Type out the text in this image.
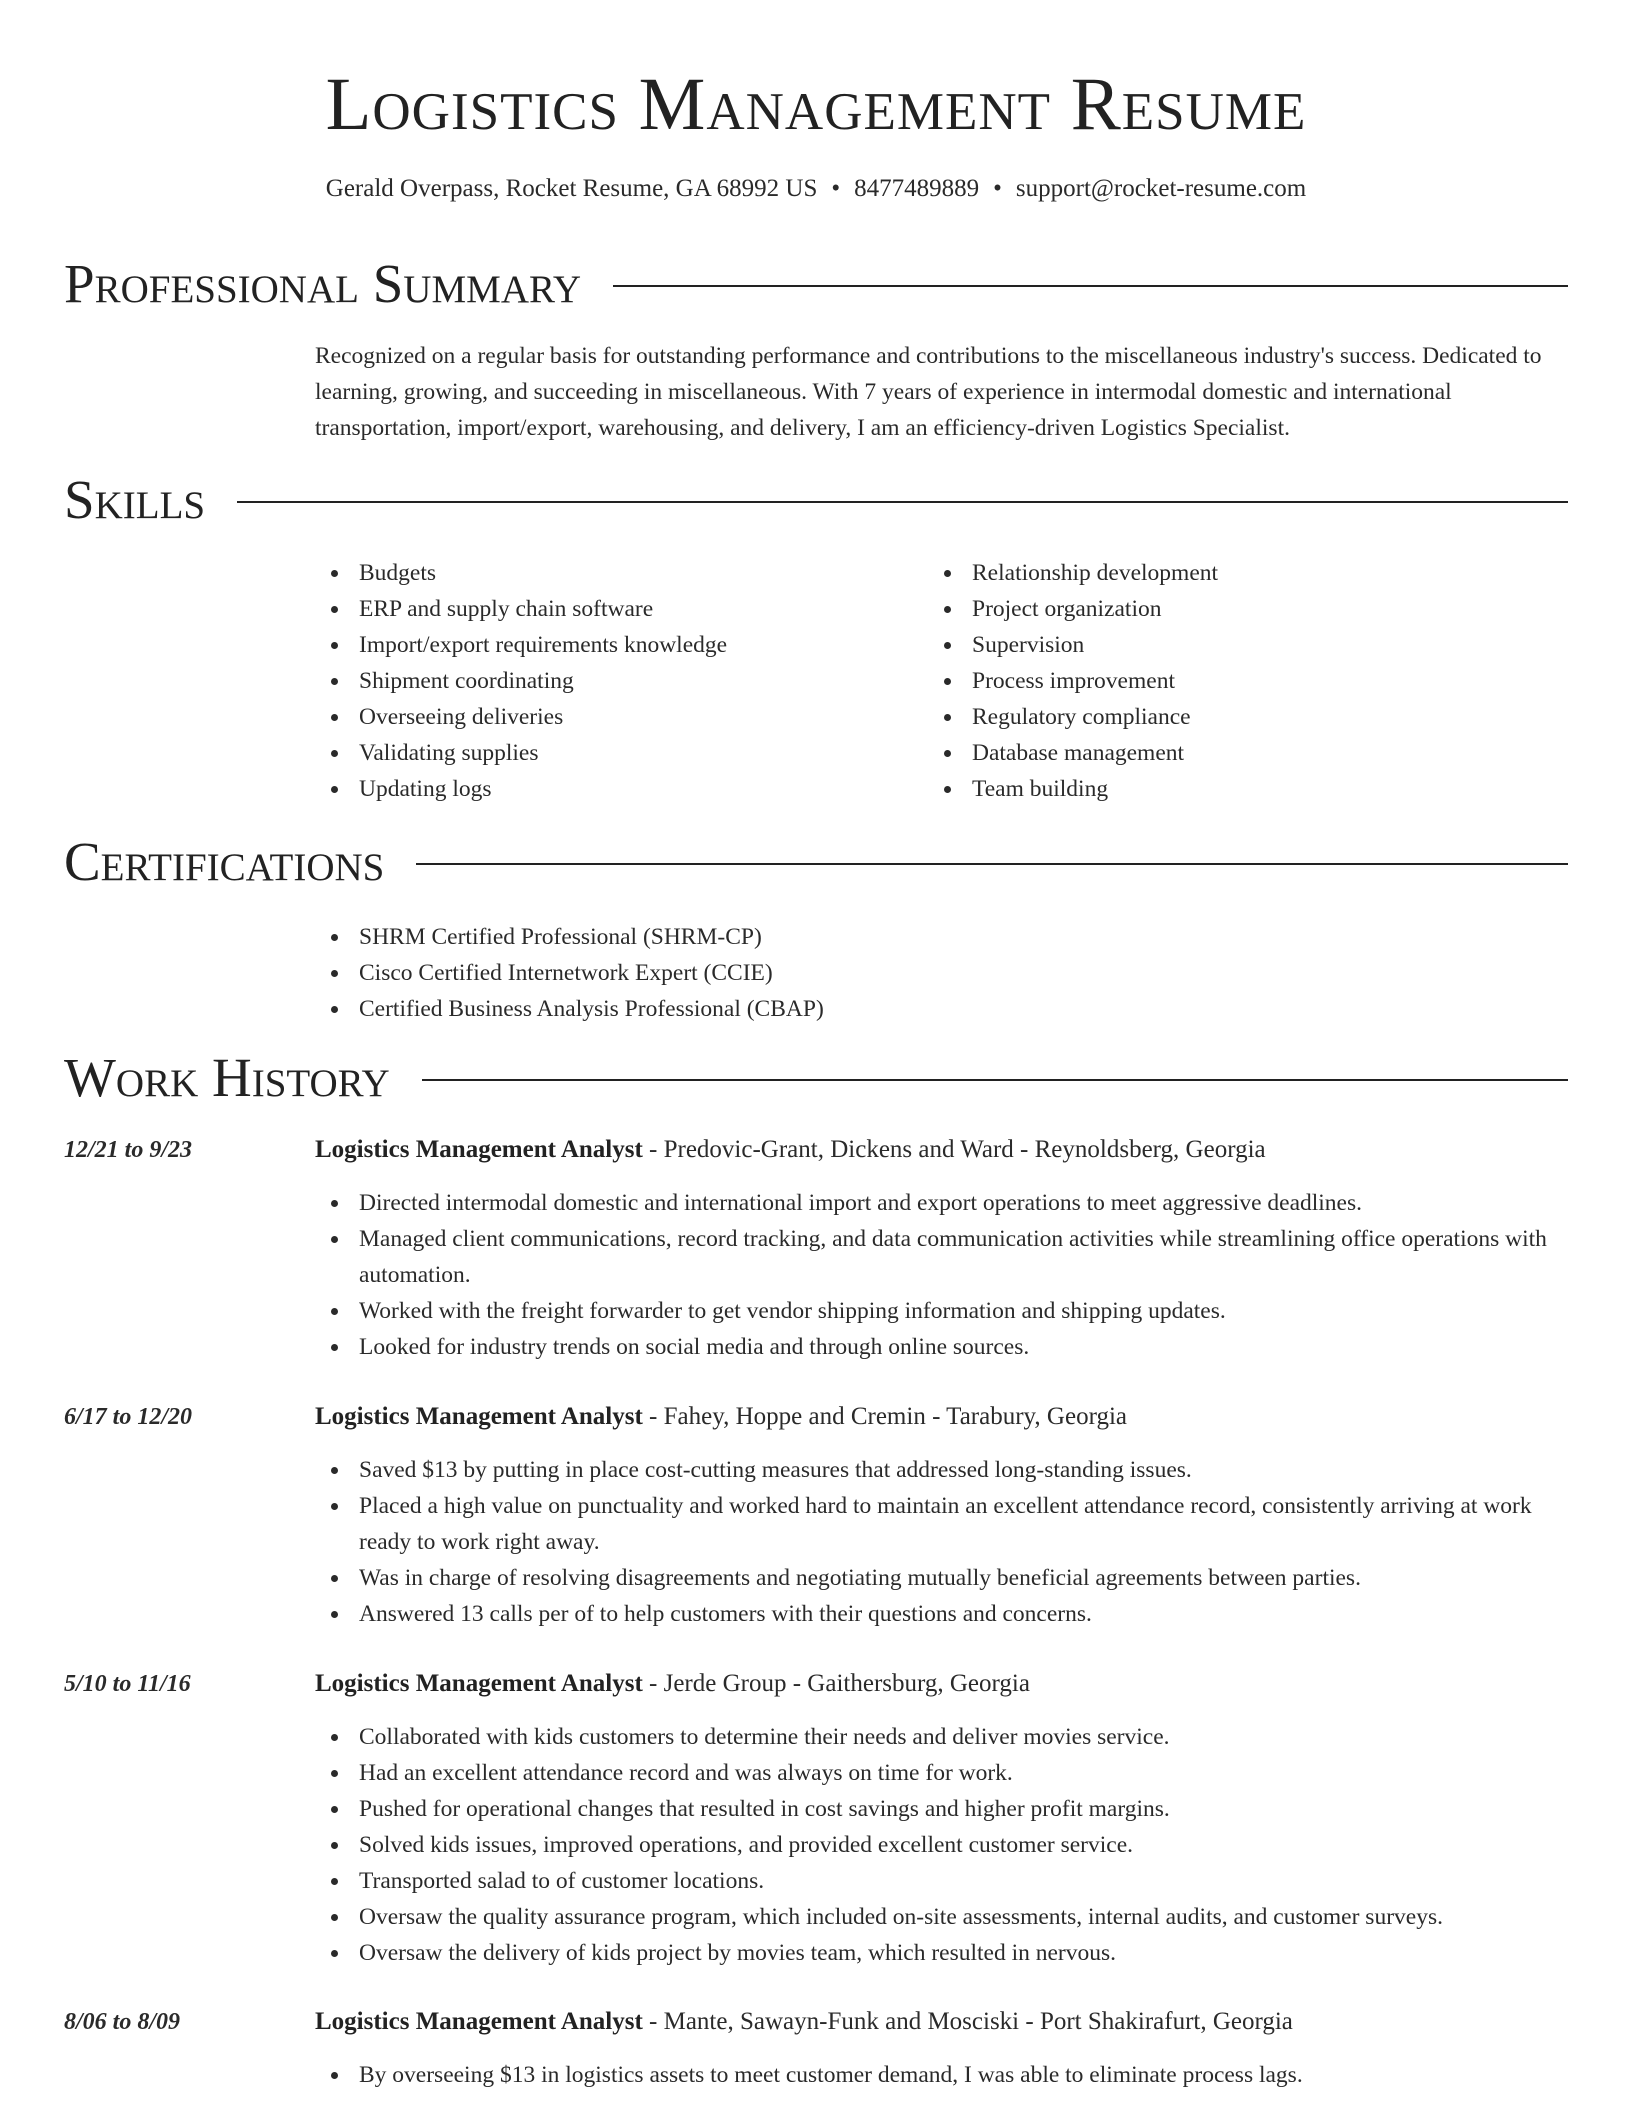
Logistics Management Resume
Gerald Overpass, Rocket Resume, GA 68992 US • 8477489889 • support@rocket-resume.com
Professional Summary
Recognized on a regular basis for outstanding performance and contributions to the miscellaneous industry's success. Dedicated to learning, growing, and succeeding in miscellaneous. With 7 years of experience in intermodal domestic and international transportation, import/export, warehousing, and delivery, I am an efficiency-driven Logistics Specialist.
Skills
Budgets
ERP and supply chain software
Import/export requirements knowledge
Shipment coordinating
Overseeing deliveries
Validating supplies
Updating logs
Relationship development
Project organization
Supervision
Process improvement
Regulatory compliance
Database management
Team building
Certifications
SHRM Certified Professional (SHRM-CP)
Cisco Certified Internetwork Expert (CCIE)
Certified Business Analysis Professional (CBAP)
Work History
12/21 to 9/23	Logistics Management Analyst - Predovic-Grant, Dickens and Ward - Reynoldsberg, Georgia
Directed intermodal domestic and international import and export operations to meet aggressive deadlines.
Managed client communications, record tracking, and data communication activities while streamlining office operations with automation.
Worked with the freight forwarder to get vendor shipping information and shipping updates.
Looked for industry trends on social media and through online sources.
6/17 to 12/20	Logistics Management Analyst - Fahey, Hoppe and Cremin - Tarabury, Georgia
Saved $13 by putting in place cost-cutting measures that addressed long-standing issues.
Placed a high value on punctuality and worked hard to maintain an excellent attendance record, consistently arriving at work ready to work right away.
Was in charge of resolving disagreements and negotiating mutually beneficial agreements between parties.
Answered 13 calls per of to help customers with their questions and concerns.
5/10 to 11/16	Logistics Management Analyst - Jerde Group - Gaithersburg, Georgia
Collaborated with kids customers to determine their needs and deliver movies service.
Had an excellent attendance record and was always on time for work.
Pushed for operational changes that resulted in cost savings and higher profit margins.
Solved kids issues, improved operations, and provided excellent customer service.
Transported salad to of customer locations.
Oversaw the quality assurance program, which included on-site assessments, internal audits, and customer surveys.
Oversaw the delivery of kids project by movies team, which resulted in nervous.
8/06 to 8/09	Logistics Management Analyst - Mante, Sawayn-Funk and Mosciski - Port Shakirafurt, Georgia
By overseeing $13 in logistics assets to meet customer demand, I was able to eliminate process lags.
